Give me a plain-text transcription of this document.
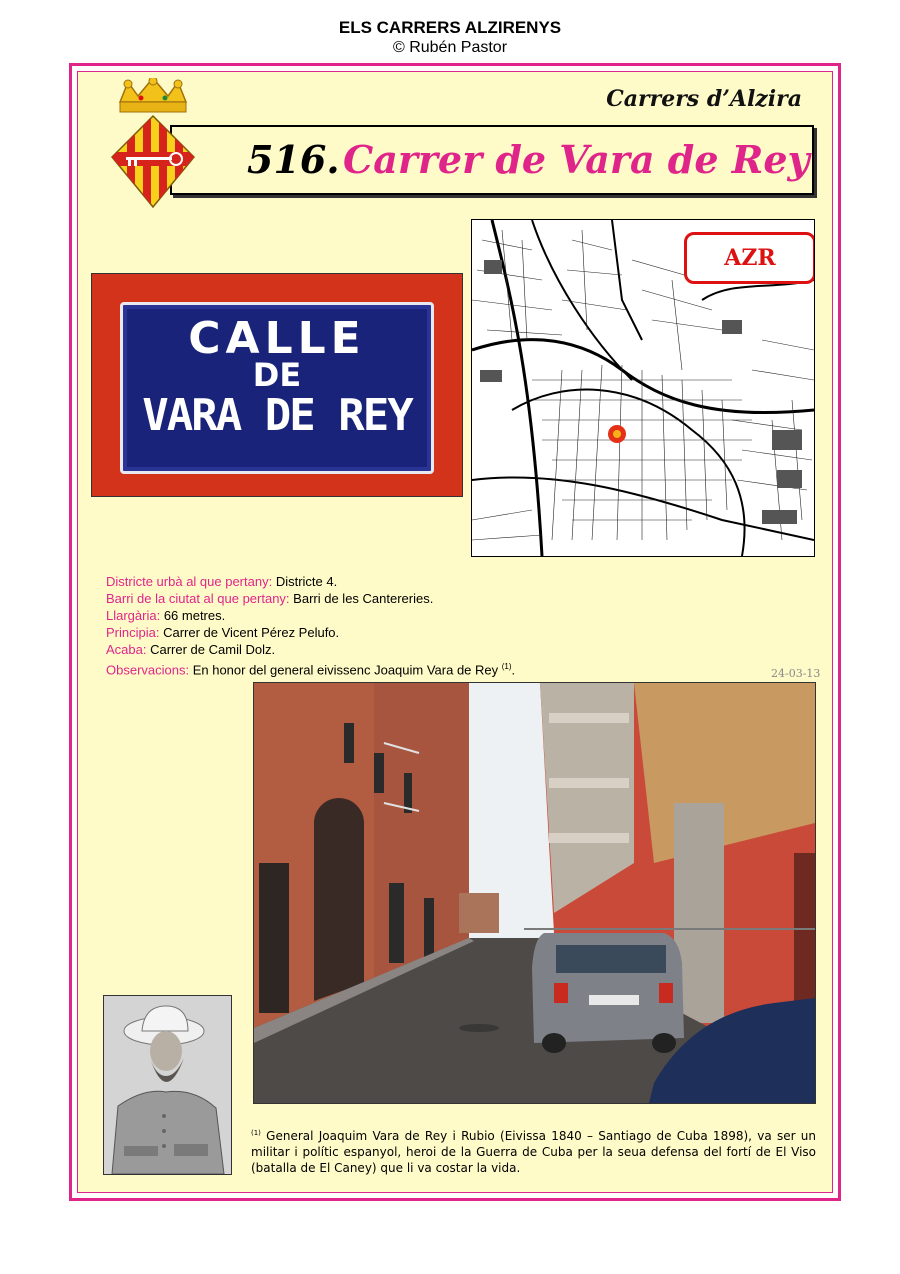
ELS CARRERS ALZIRENYS
© Rubén Pastor
Carrers d’Alzira
516. Carrer de Vara de Rey
CALLE
DE
VARA DE REY
AZR
Districte urbà al que pertany: Districte 4.
Barri de la ciutat al que pertany: Barri de les Cantereries.
Llargària: 66 metres.
Principia: Carrer de Vicent Pérez Pelufo.
Acaba: Carrer de Camil Dolz.
Observacions: En honor del general eivissenc Joaquim Vara de Rey $^{(1)}$.	24-03-13
$^{(1)}$ General Joaquim Vara de Rey i Rubio (Eivissa 1840 – Santiago de Cuba 1898), va ser un militar i polític espanyol, heroi de la Guerra de Cuba per la seua defensa del fortí de El Viso (batalla de El Caney) que li va costar la vida.
